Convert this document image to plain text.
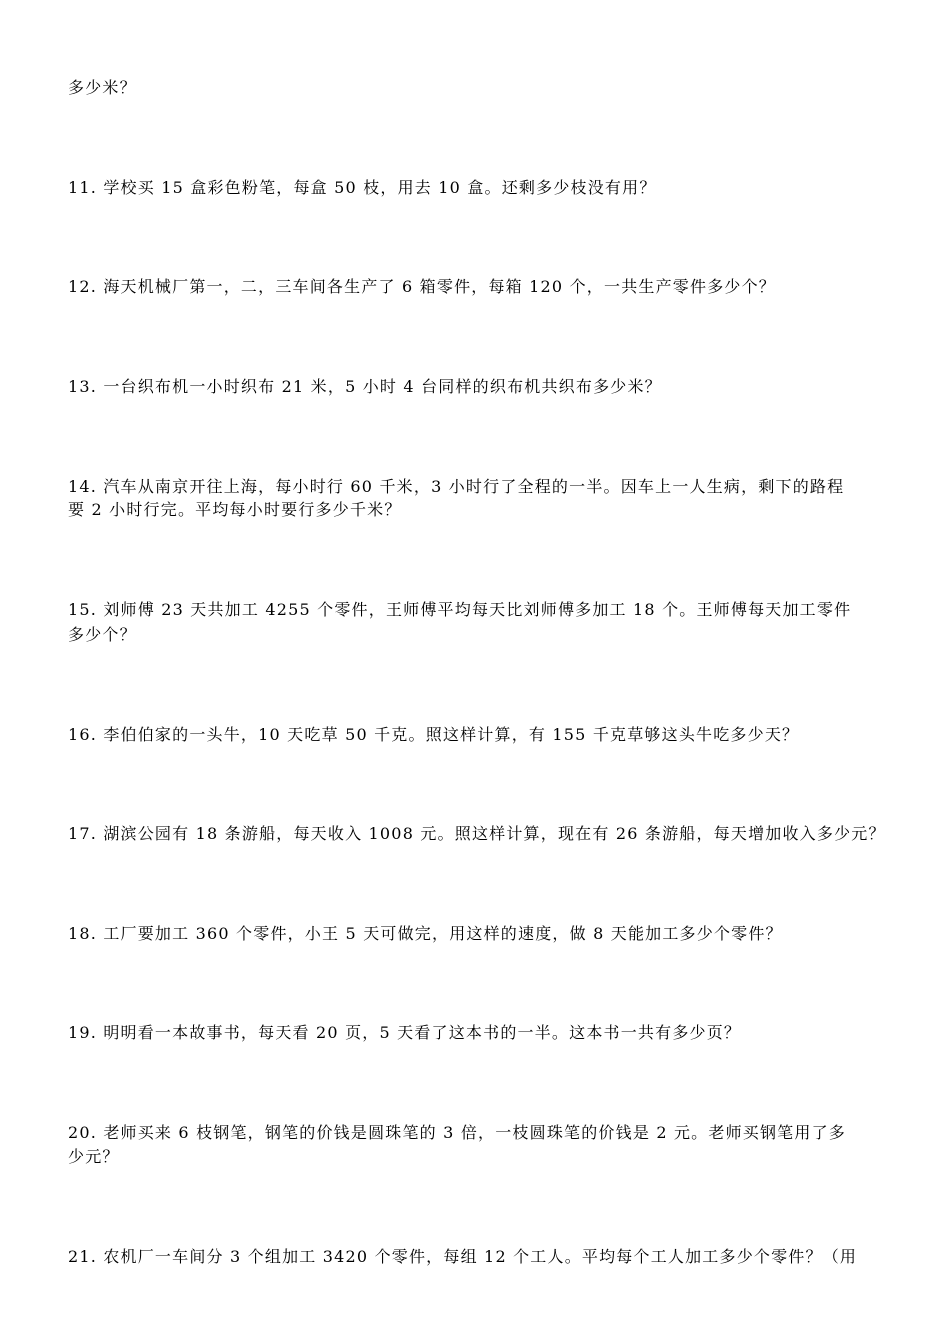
多少米？
11. 学校买 15 盒彩色粉笔，每盒 50 枝，用去 10 盒。还剩多少枝没有用？
12. 海天机械厂第一，二，三车间各生产了 6 箱零件，每箱 120 个，一共生产零件多少个？
13. 一台织布机一小时织布 21 米，5 小时 4 台同样的织布机共织布多少米？
14. 汽车从南京开往上海，每小时行 60 千米，3 小时行了全程的一半。因车上一人生病，剩下的路程
要 2 小时行完。平均每小时要行多少千米？
15. 刘师傅 23 天共加工 4255 个零件，王师傅平均每天比刘师傅多加工 18 个。王师傅每天加工零件
多少个？
16. 李伯伯家的一头牛，10 天吃草 50 千克。照这样计算，有 155 千克草够这头牛吃多少天？
17. 湖滨公园有 18 条游船，每天收入 1008 元。照这样计算，现在有 26 条游船，每天增加收入多少元？
18. 工厂要加工 360 个零件，小王 5 天可做完，用这样的速度，做 8 天能加工多少个零件？
19. 明明看一本故事书，每天看 20 页，5 天看了这本书的一半。这本书一共有多少页？
20. 老师买来 6 枝钢笔，钢笔的价钱是圆珠笔的 3 倍，一枝圆珠笔的价钱是 2 元。老师买钢笔用了多
少元？
21. 农机厂一车间分 3 个组加工 3420 个零件，每组 12 个工人。平均每个工人加工多少个零件？（用
